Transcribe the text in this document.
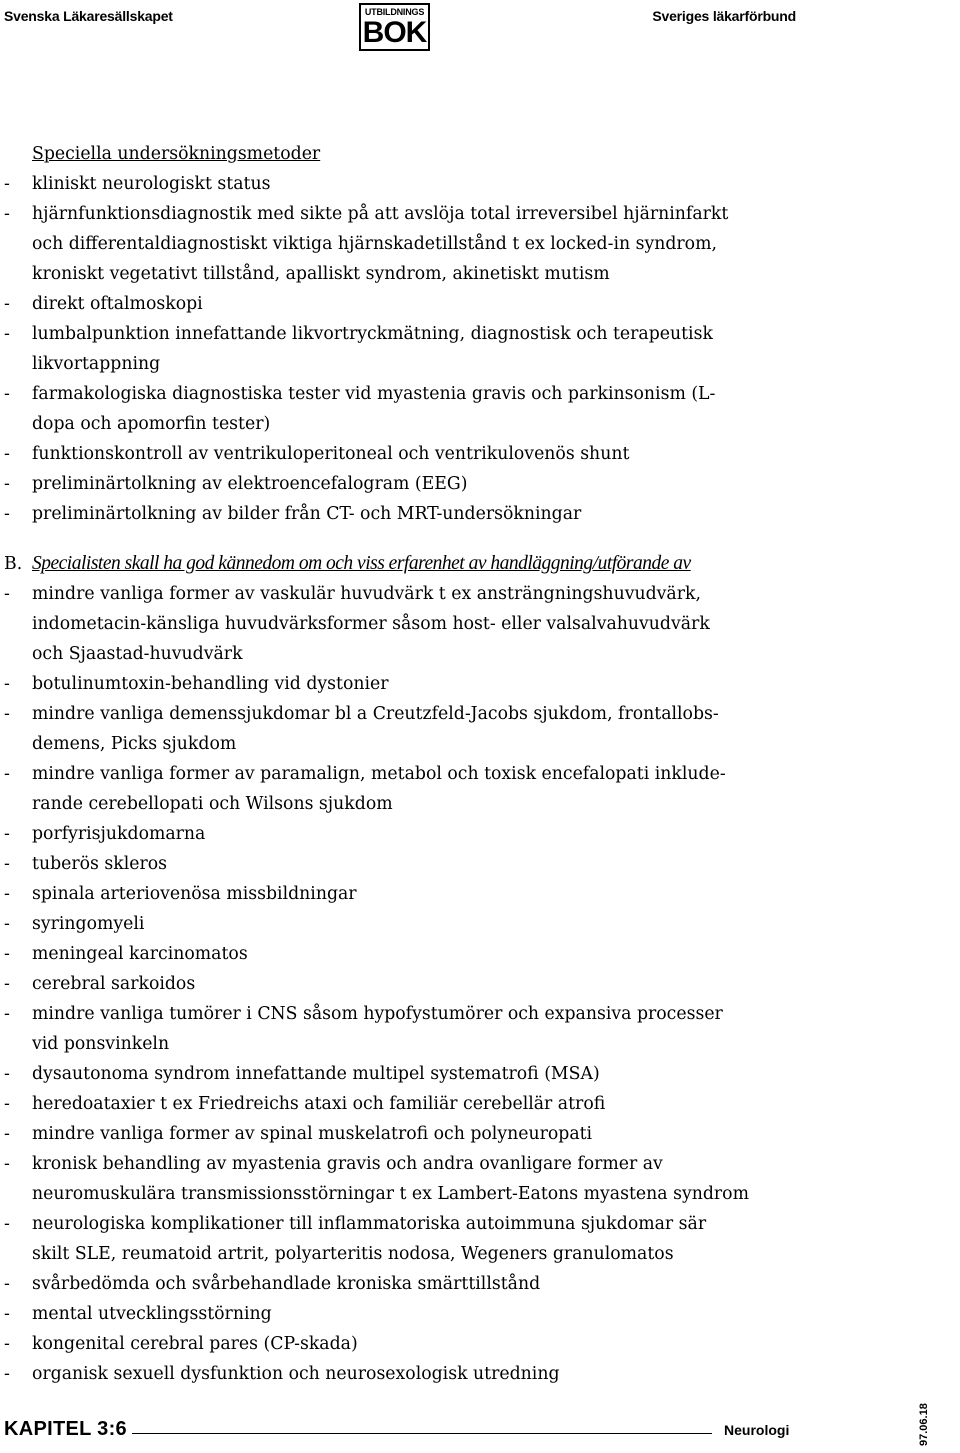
Svenska Läkaresällskapet	UTBILDNINGS
BOK	Sveriges läkarförbund
Speciella undersökningsmetoder
- kliniskt neurologiskt status
- hjärnfunktionsdiagnostik med sikte på att avslöja total irreversibel hjärninfarkt
och differentaldiagnostiskt viktiga hjärnskadetillstånd t ex locked-in syndrom,
kroniskt vegetativt tillstånd, apalliskt syndrom, akinetiskt mutism
- direkt oftalmoskopi
- lumbalpunktion innefattande likvortryckmätning, diagnostisk och terapeutisk
likvortappning
- farmakologiska diagnostiska tester vid myastenia gravis och parkinsonism (L-
dopa och apomorfin tester)
- funktionskontroll av ventrikuloperitoneal och ventrikulovenös shunt
- preliminärtolkning av elektroencefalogram (EEG)
- preliminärtolkning av bilder från CT- och MRT-undersökningar
B. Specialisten skall ha god kännedom om och viss erfarenhet av handläggning/utförande av
- mindre vanliga former av vaskulär huvudvärk t ex ansträngningshuvudvärk,
indometacin-känsliga huvudvärksformer såsom host- eller valsalvahuvudvärk
och Sjaastad-huvudvärk
- botulinumtoxin-behandling vid dystonier
- mindre vanliga demenssjukdomar bl a Creutzfeld-Jacobs sjukdom, frontallobs-
demens, Picks sjukdom
- mindre vanliga former av paramalign, metabol och toxisk encefalopati inklude-
rande cerebellopati och Wilsons sjukdom
- porfyrisjukdomarna
- tuberös skleros
- spinala arteriovenösa missbildningar
- syringomyeli
- meningeal karcinomatos
- cerebral sarkoidos
- mindre vanliga tumörer i CNS såsom hypofystumörer och expansiva processer
vid ponsvinkeln
- dysautonoma syndrom innefattande multipel systematrofi (MSA)
- heredoataxier t ex Friedreichs ataxi och familiär cerebellär atrofi
- mindre vanliga former av spinal muskelatrofi och polyneuropati
- kronisk behandling av myastenia gravis och andra ovanligare former av
neuromuskulära transmissionsstörningar t ex Lambert-Eatons myastena syndrom
- neurologiska komplikationer till inflammatoriska autoimmuna sjukdomar sär
skilt SLE, reumatoid artrit, polyarteritis nodosa, Wegeners granulomatos
- svårbedömda och svårbehandlade kroniska smärttillstånd
- mental utvecklingsstörning
- kongenital cerebral pares (CP-skada)
- organisk sexuell dysfunktion och neurosexologisk utredning
KAPITEL 3:6	Neurologi	97.06.18
